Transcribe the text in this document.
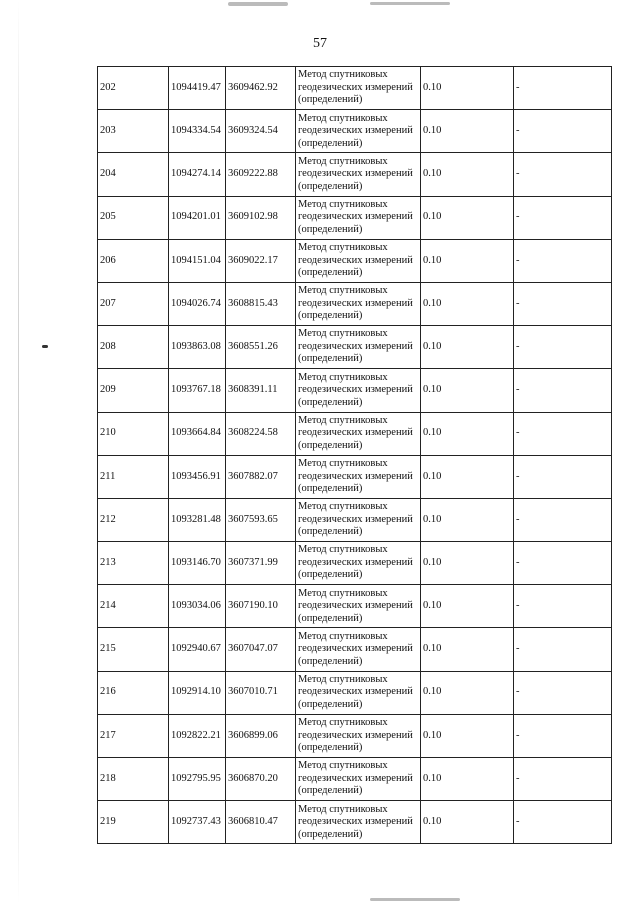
57
202	1094419.47	3609462.92	Метод спутниковых
геодезических измерений
(определений)	0.10	-
203	1094334.54	3609324.54	Метод спутниковых
геодезических измерений
(определений)	0.10	-
204	1094274.14	3609222.88	Метод спутниковых
геодезических измерений
(определений)	0.10	-
205	1094201.01	3609102.98	Метод спутниковых
геодезических измерений
(определений)	0.10	-
206	1094151.04	3609022.17	Метод спутниковых
геодезических измерений
(определений)	0.10	-
207	1094026.74	3608815.43	Метод спутниковых
геодезических измерений
(определений)	0.10	-
208	1093863.08	3608551.26	Метод спутниковых
геодезических измерений
(определений)	0.10	-
209	1093767.18	3608391.11	Метод спутниковых
геодезических измерений
(определений)	0.10	-
210	1093664.84	3608224.58	Метод спутниковых
геодезических измерений
(определений)	0.10	-
211	1093456.91	3607882.07	Метод спутниковых
геодезических измерений
(определений)	0.10	-
212	1093281.48	3607593.65	Метод спутниковых
геодезических измерений
(определений)	0.10	-
213	1093146.70	3607371.99	Метод спутниковых
геодезических измерений
(определений)	0.10	-
214	1093034.06	3607190.10	Метод спутниковых
геодезических измерений
(определений)	0.10	-
215	1092940.67	3607047.07	Метод спутниковых
геодезических измерений
(определений)	0.10	-
216	1092914.10	3607010.71	Метод спутниковых
геодезических измерений
(определений)	0.10	-
217	1092822.21	3606899.06	Метод спутниковых
геодезических измерений
(определений)	0.10	-
218	1092795.95	3606870.20	Метод спутниковых
геодезических измерений
(определений)	0.10	-
219	1092737.43	3606810.47	Метод спутниковых
геодезических измерений
(определений)	0.10	-
